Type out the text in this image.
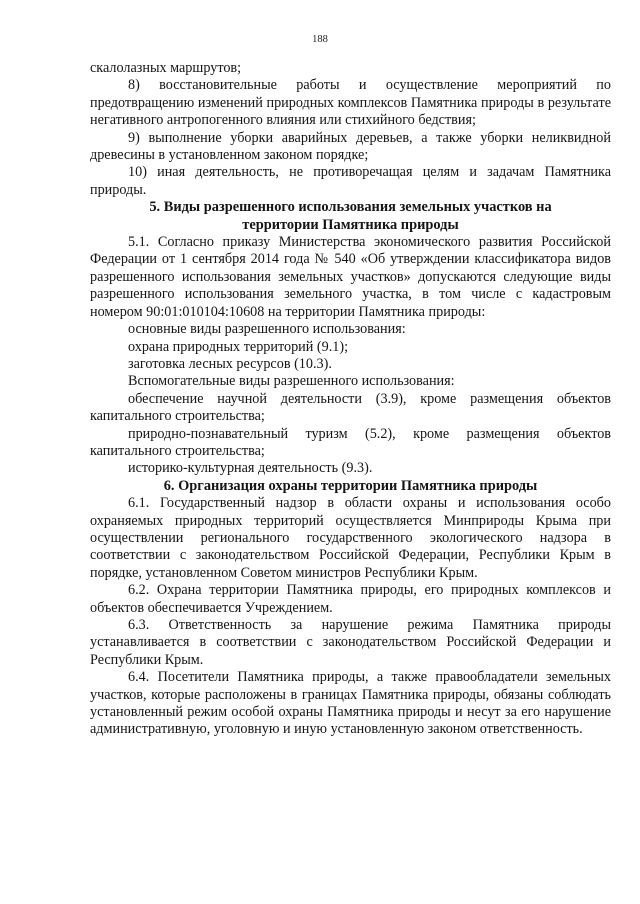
188

скалолазных маршрутов;

8) восстановительные работы и осуществление мероприятий по предотвращению изменений природных комплексов Памятника природы в результате негативного антропогенного влияния или стихийного бедствия;

9) выполнение уборки аварийных деревьев, а также уборки неликвидной древесины в установленном законом порядке;

10) иная деятельность, не противоречащая целям и задачам Памятника природы.

5. Виды разрешенного использования земельных участков на
территории Памятника природы

5.1. Согласно приказу Министерства экономического развития Российской Федерации от 1 сентября 2014 года № 540 «Об утверждении классификатора видов разрешенного использования земельных участков» допускаются следующие виды разрешенного использования земельного участка, в том числе с кадастровым номером 90:01:010104:10608 на территории Памятника природы:

основные виды разрешенного использования:

охрана природных территорий (9.1);

заготовка лесных ресурсов (10.3).

Вспомогательные виды разрешенного использования:

обеспечение научной деятельности (3.9), кроме размещения объектов капитального строительства;

природно-познавательный туризм (5.2), кроме размещения объектов капитального строительства;

историко-культурная деятельность (9.3).

6. Организация охраны территории Памятника природы

6.1. Государственный надзор в области охраны и использования особо охраняемых природных территорий осуществляется Минприроды Крыма при осуществлении регионального государственного экологического надзора в соответствии с законодательством Российской Федерации, Республики Крым в порядке, установленном Советом министров Республики Крым.

6.2. Охрана территории Памятника природы, его природных комплексов и объектов обеспечивается Учреждением.

6.3. Ответственность за нарушение режима Памятника природы устанавливается в соответствии с законодательством Российской Федерации и Республики Крым.

6.4. Посетители Памятника природы, а также правообладатели земельных участков, которые расположены в границах Памятника природы, обязаны соблюдать установленный режим особой охраны Памятника природы и несут за его нарушение административную, уголовную и иную установленную законом ответственность.
